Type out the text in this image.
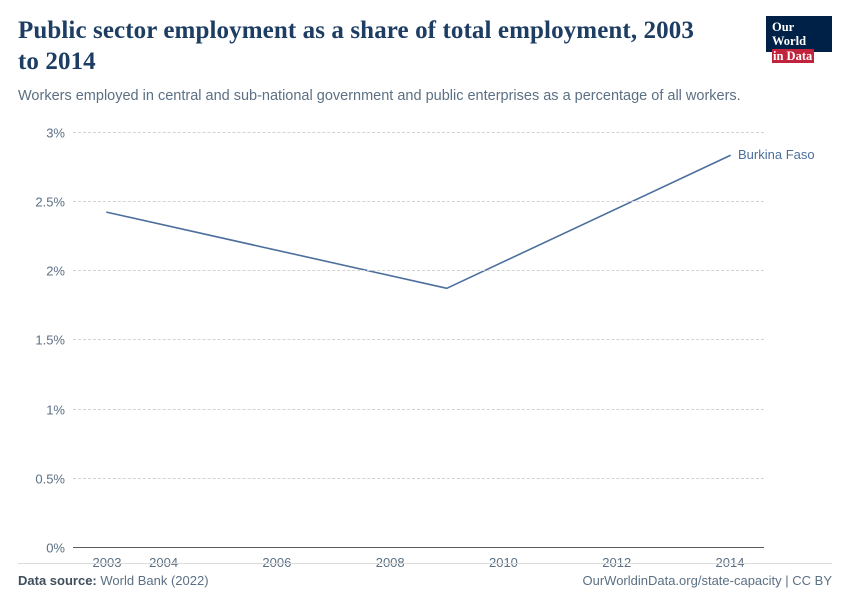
Public sector employment as a share of total employment, 2003 to 2014
Workers employed in central and sub-national government and public enterprises as a percentage of all workers.
Our World
in Data
0%
0.5%
1%
1.5%
2%
2.5%
3%
Burkina Faso
2003 2004	2006	2008	2010	2012	2014
Data source: World Bank (2022)	OurWorldinData.org/state-capacity | CC BY
